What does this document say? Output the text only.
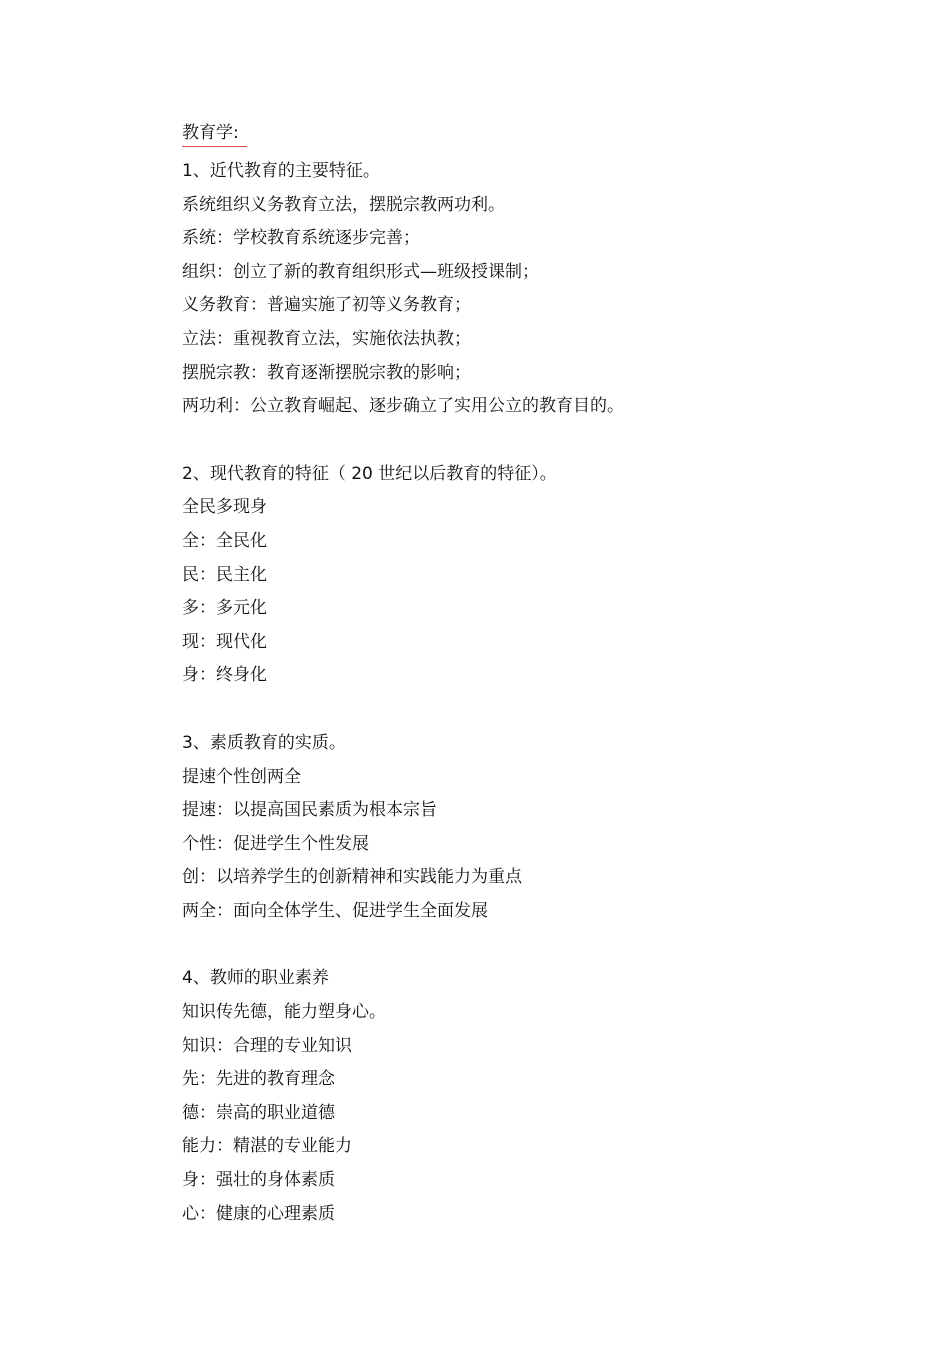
教育学:
1、近代教育的主要特征。
系统组织义务教育立法，摆脱宗教两功利。
系统：学校教育系统逐步完善；
组织：创立了新的教育组织形式—班级授课制；
义务教育：普遍实施了初等义务教育；
立法：重视教育立法，实施依法执教；
摆脱宗教：教育逐渐摆脱宗教的影响；
两功利：公立教育崛起、逐步确立了实用公立的教育目的。
2、现代教育的特征（ 20 世纪以后教育的特征）。
全民多现身
全：全民化
民：民主化
多：多元化
现：现代化
身：终身化
3、素质教育的实质。
提速个性创两全
提速：以提高国民素质为根本宗旨
个性：促进学生个性发展
创：以培养学生的创新精神和实践能力为重点
两全：面向全体学生、促进学生全面发展
4、教师的职业素养
知识传先德，能力塑身心。
知识：合理的专业知识
先：先进的教育理念
德：崇高的职业道德
能力：精湛的专业能力
身：强壮的身体素质
心：健康的心理素质
